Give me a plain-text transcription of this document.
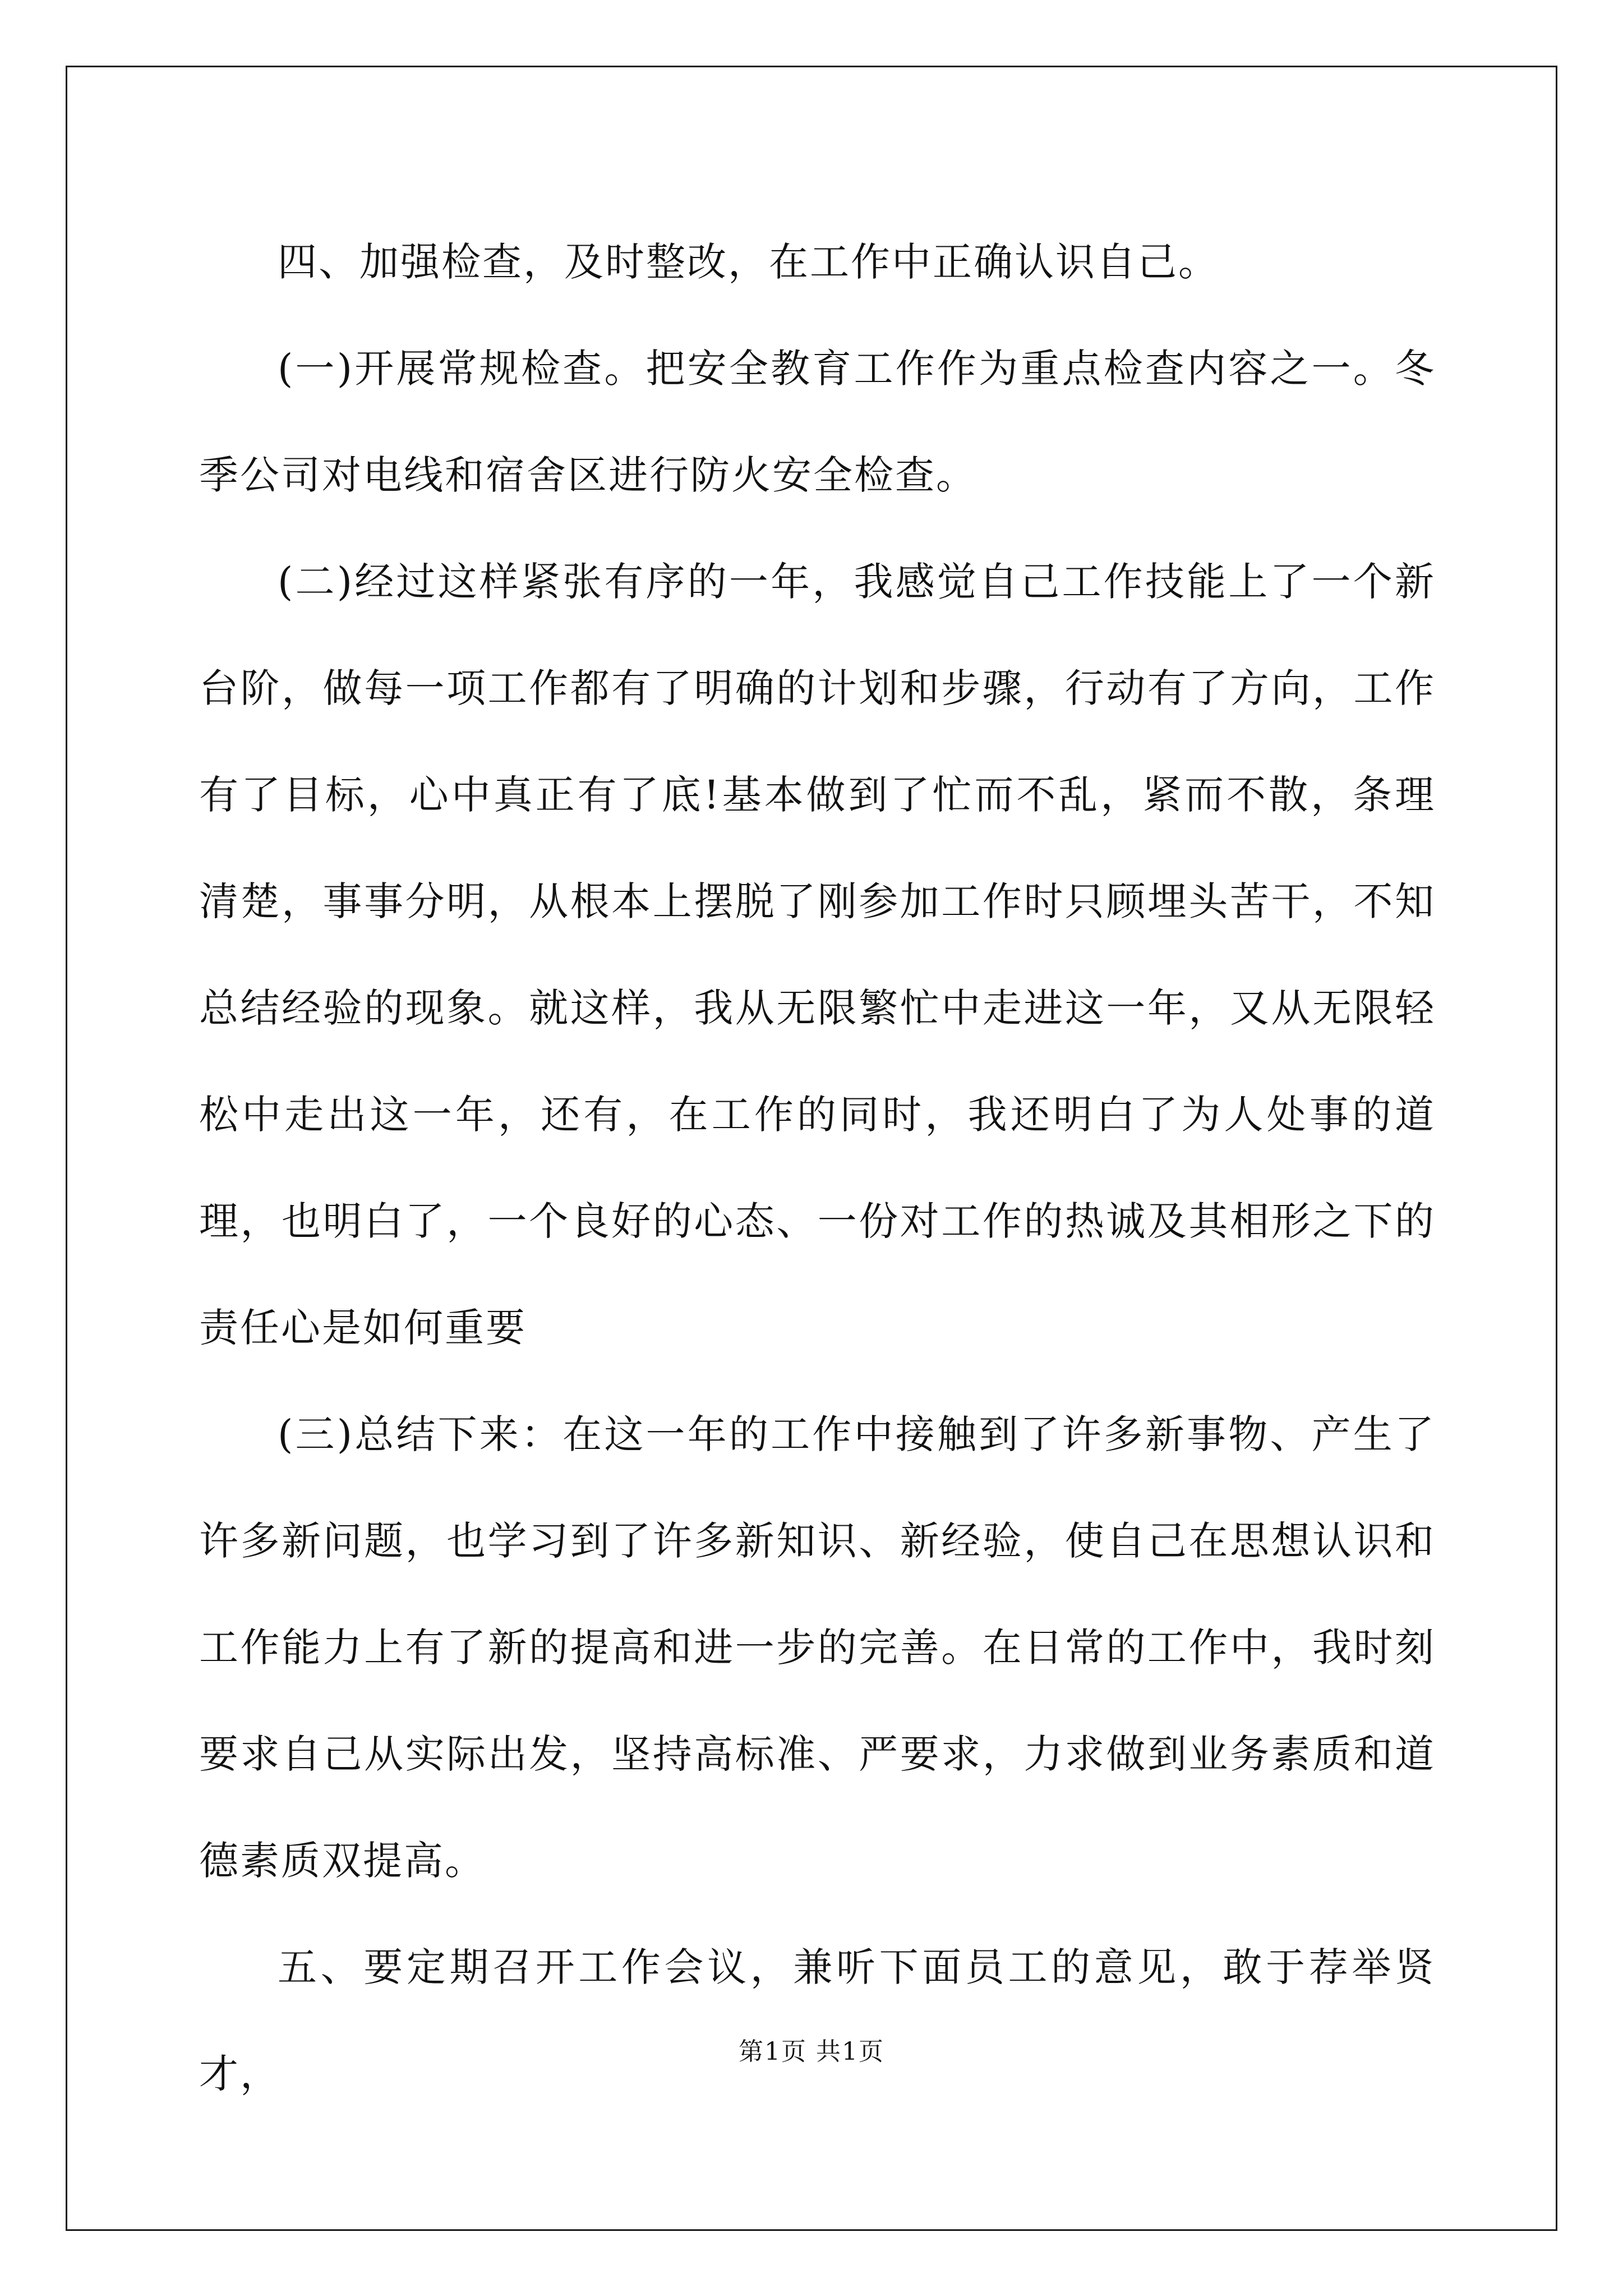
四、加强检查，及时整改，在工作中正确认识自己。

(一)开展常规检查。把安全教育工作作为重点检查内容之一。冬季公司对电线和宿舍区进行防火安全检查。

(二)经过这样紧张有序的一年，我感觉自己工作技能上了一个新台阶，做每一项工作都有了明确的计划和步骤，行动有了方向，工作有了目标，心中真正有了底!基本做到了忙而不乱，紧而不散，条理清楚，事事分明，从根本上摆脱了刚参加工作时只顾埋头苦干，不知总结经验的现象。就这样，我从无限繁忙中走进这一年，又从无限轻松中走出这一年，还有，在工作的同时，我还明白了为人处事的道理，也明白了，一个良好的心态、一份对工作的热诚及其相形之下的责任心是如何重要

(三)总结下来：在这一年的工作中接触到了许多新事物、产生了许多新问题，也学习到了许多新知识、新经验，使自己在思想认识和工作能力上有了新的提高和进一步的完善。在日常的工作中，我时刻要求自己从实际出发，坚持高标准、严要求，力求做到业务素质和道德素质双提高。

五、要定期召开工作会议，兼听下面员工的意见，敢于荐举贤才，	第1页 共1页
